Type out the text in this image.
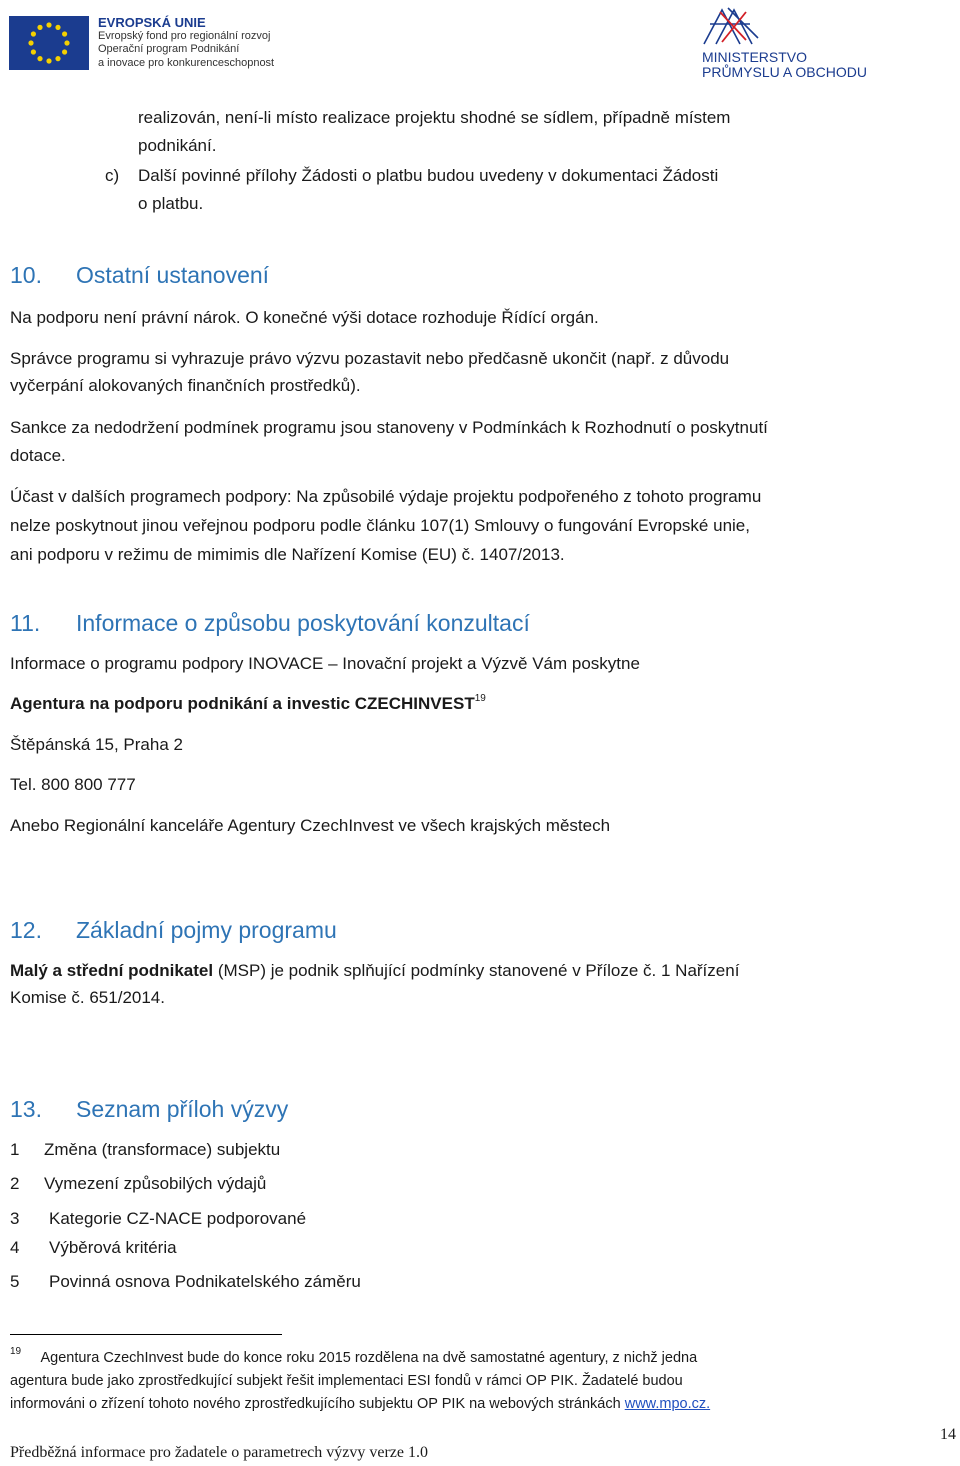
EVROPSKÁ UNIE
Evropský fond pro regionální rozvoj
Operační program Podnikání
a inovace pro konkurenceschopnost	MINISTERSTVO
PRŮMYSLU A OBCHODU
realizován, není-li místo realizace projektu shodné se sídlem, případně místem
podnikání.
c) Další povinné přílohy Žádosti o platbu budou uvedeny v dokumentaci Žádosti
o platbu.
10. Ostatní ustanovení
Na podporu není právní nárok. O konečné výši dotace rozhoduje Řídící orgán.
Správce programu si vyhrazuje právo výzvu pozastavit nebo předčasně ukončit (např. z důvodu
vyčerpání alokovaných finančních prostředků).
Sankce za nedodržení podmínek programu jsou stanoveny v Podmínkách k Rozhodnutí o poskytnutí
dotace.
Účast v dalších programech podpory: Na způsobilé výdaje projektu podpořeného z tohoto programu
nelze poskytnout jinou veřejnou podporu podle článku 107(1) Smlouvy o fungování Evropské unie,
ani podporu v režimu de mimimis dle Nařízení Komise (EU) č. 1407/2013.
11. Informace o způsobu poskytování konzultací
Informace o programu podpory INOVACE – Inovační projekt a Výzvě Vám poskytne
Agentura na podporu podnikání a investic CZECHINVEST$^{19}$
Štěpánská 15, Praha 2
Tel. 800 800 777
Anebo Regionální kanceláře Agentury CzechInvest ve všech krajských městech
12. Základní pojmy programu
Malý a střední podnikatel (MSP) je podnik splňující podmínky stanovené v Příloze č. 1 Nařízení
Komise č. 651/2014.
13. Seznam příloh výzvy
1 Změna (transformace) subjektu
2 Vymezení způsobilých výdajů
3 Kategorie CZ-NACE podporované
4 Výběrová kritéria
5 Povinná osnova Podnikatelského záměru
$^{19}$ Agentura CzechInvest bude do konce roku 2015 rozdělena na dvě samostatné agentury, z nichž jedna
agentura bude jako zprostředkující subjekt řešit implementaci ESI fondů v rámci OP PIK. Žadatelé budou
informováni o zřízení tohoto nového zprostředkujícího subjektu OP PIK na webových stránkách www.mpo.cz.
Předběžná informace pro žadatele o parametrech výzvy verze 1.0
14
